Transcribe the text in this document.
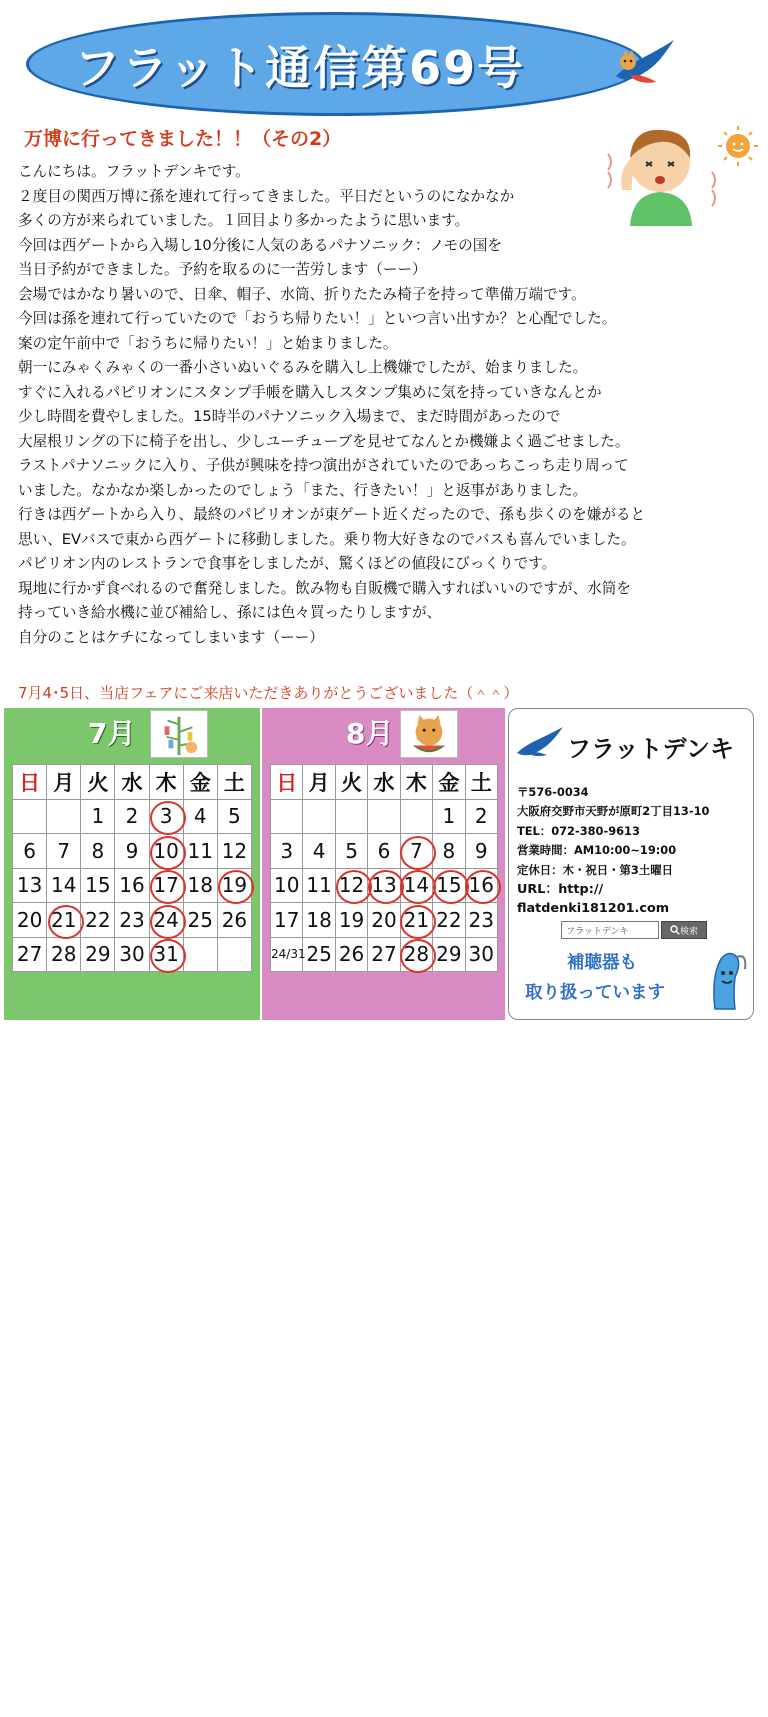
フラット通信第69号
万博に行ってきました！！（その2）
こんにちは。フラットデンキです。
２度目の関西万博に孫を連れて行ってきました。平日だというのになかなか
多くの方が来られていました。１回目より多かったように思います。
今回は西ゲートから入場し10分後に人気のあるパナソニック：ノモの国を
当日予約ができました。予約を取るのに一苦労します（ーー）
会場ではかなり暑いので、日傘、帽子、水筒、折りたたみ椅子を持って準備万端です。
今回は孫を連れて行っていたので「おうち帰りたい！」といつ言い出すか？と心配でした。
案の定午前中で「おうちに帰りたい！」と始まりました。
朝一にみゃくみゃくの一番小さいぬいぐるみを購入し上機嫌でしたが、始まりました。
すぐに入れるパビリオンにスタンプ手帳を購入しスタンプ集めに気を持っていきなんとか
少し時間を費やしました。15時半のパナソニック入場まで、まだ時間があったので
大屋根リングの下に椅子を出し、少しユーチューブを見せてなんとか機嫌よく過ごせました。
ラストパナソニックに入り、子供が興味を持つ演出がされていたのであっちこっち走り周って
いました。なかなか楽しかったのでしょう「また、行きたい！」と返事がありました。
行きは西ゲートから入り、最終のパビリオンが東ゲート近くだったので、孫も歩くのを嫌がると
思い、EVバスで東から西ゲートに移動しました。乗り物大好きなのでバスも喜んでいました。
パビリオン内のレストランで食事をしましたが、驚くほどの値段にびっくりです。
現地に行かず食べれるので奮発しました。飲み物も自販機で購入すればいいのですが、水筒を
持っていき給水機に並び補給し、孫には色々買ったりしますが、
自分のことはケチになってしまいます（ーー）
7月4･5日、当店フェアにご来店いただきありがとうございました（＾＾）
7月
日	月	火	水	木	金	土
		1	2	3	4	5
6	7	8	9	10	11	12
13	14	15	16	17	18	19
20	21	22	23	24	25	26
27	28	29	30	31		
≪定休日≫
3･10･17･19･21･24 ･31
8月
日	月	火	水	木	金	土
					1	2
3	4	5	6	7	8	9
10	11	12	13	14	15	16
17	18	19	20	21	22	23
24/31	25	26	27	28	29	30
≪定休日≫
7･12～16･21･28
フラットデンキ
〒576-0034
大阪府交野市天野が原町2丁目13-10
TEL：072-380-9613
営業時間：AM10:00~19:00
定休日：木・祝日・第3土曜日
URL：http://
flatdenki181201.com
フラットデンキ
検索
補聴器も
取り扱っています
